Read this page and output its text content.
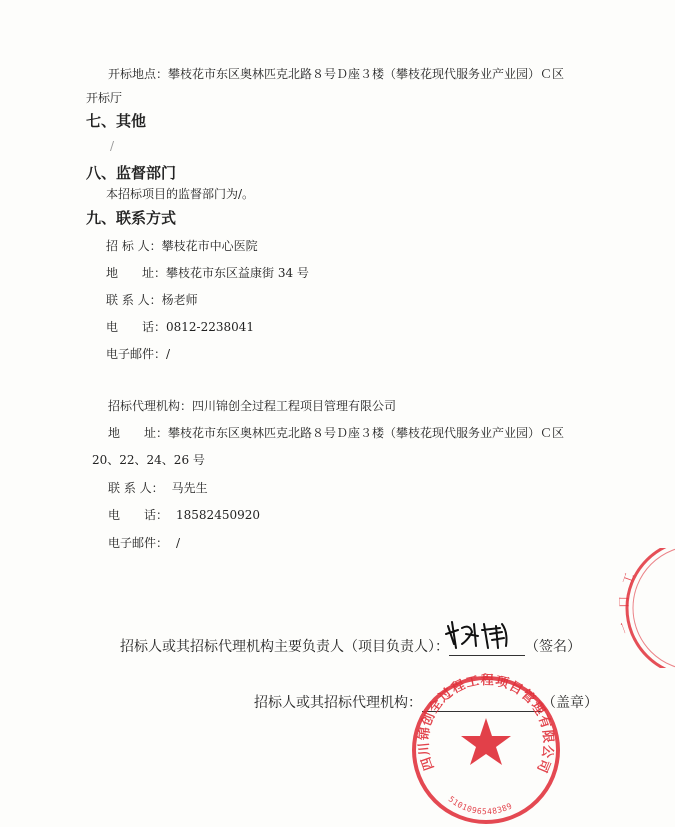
开标地点：攀枝花市东区奥林匹克北路８号Ｄ座３楼（攀枝花现代服务业产业园）Ｃ区
开标厅
七、其他
/
八、监督部门
本招标项目的监督部门为/。
九、联系方式
招 标 人：攀枝花市中心医院
地　　址：攀枝花市东区益康街 34 号
联 系 人：杨老师
电　　话：0812-2238041
电子邮件：/
招标代理机构：四川锦创全过程工程项目管理有限公司
地　　址：攀枝花市东区奥林匹克北路８号Ｄ座３楼（攀枝花现代服务业产业园）Ｃ区
20、22、24、26 号
联 系 人： 马先生
电　　话： 18582450920
电子邮件： /
工
口
一
招标人或其招标代理机构主要负责人（项目负责人）：	（签名）
招标人或其招标代理机构：	（盖章）
四川锦创全过程工程项目管理有限公司
5101096548389
